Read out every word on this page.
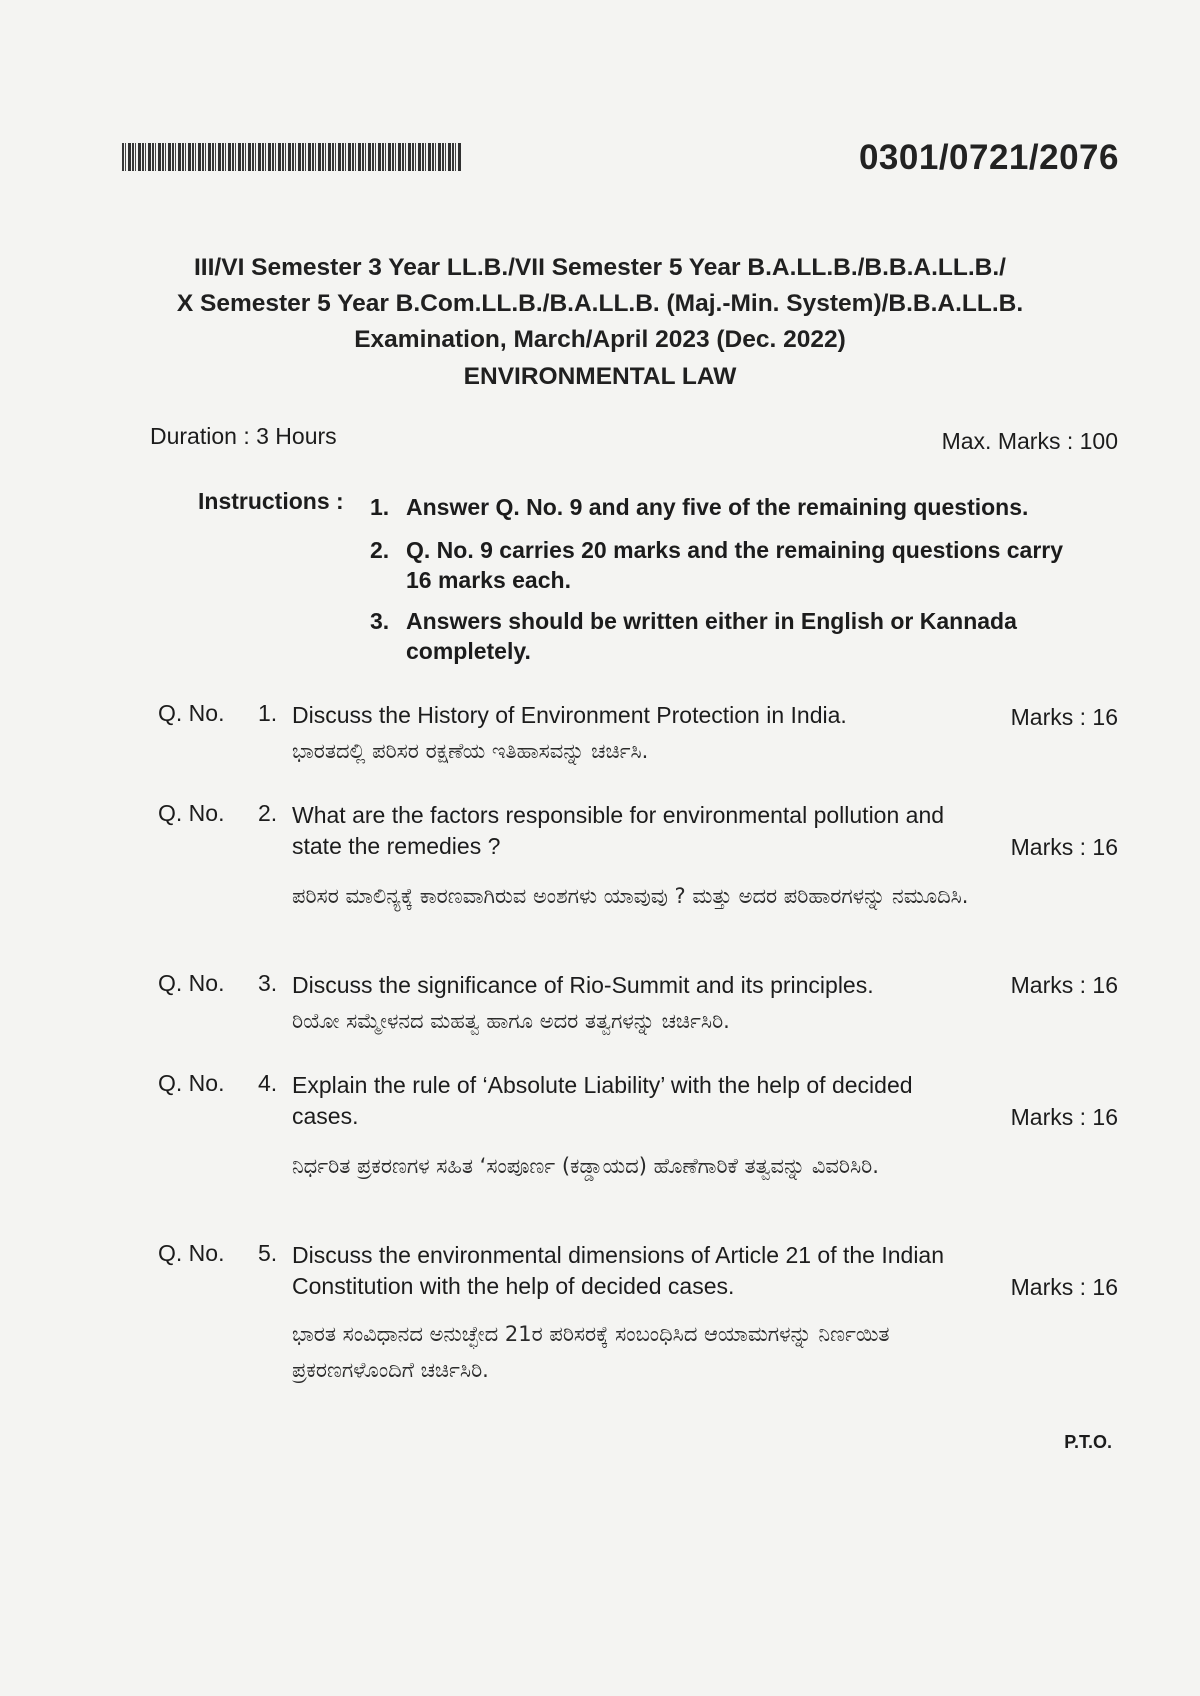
0301/0721/2076
III/VI Semester 3 Year LL.B./VII Semester 5 Year B.A.LL.B./B.B.A.LL.B./
X Semester 5 Year B.Com.LL.B./B.A.LL.B. (Maj.-Min. System)/B.B.A.LL.B.
Examination, March/April 2023 (Dec. 2022)
ENVIRONMENTAL LAW
Duration : 3 Hours	Max. Marks : 100
Instructions : 1. Answer Q. No. 9 and any five of the remaining questions.
2. Q. No. 9 carries 20 marks and the remaining questions carry 16 marks each.
3. Answers should be written either in English or Kannada completely.
Q. No. 1. Discuss the History of Environment Protection in India.
ಭಾರತದಲ್ಲಿ ಪರಿಸರ ರಕ್ಷಣೆಯ ಇತಿಹಾಸವನ್ನು ಚರ್ಚಿಸಿ.
Marks : 16
Q. No. 2. What are the factors responsible for environmental pollution and state the remedies ?
ಪರಿಸರ ಮಾಲಿನ್ಯಕ್ಕೆ ಕಾರಣವಾಗಿರುವ ಅಂಶಗಳು ಯಾವುವು ? ಮತ್ತು ಅದರ ಪರಿಹಾರಗಳನ್ನು ನಮೂದಿಸಿ.
Marks : 16
Q. No. 3. Discuss the significance of Rio-Summit and its principles.
ರಿಯೋ ಸಮ್ಮೇಳನದ ಮಹತ್ವ ಹಾಗೂ ಅದರ ತತ್ವಗಳನ್ನು ಚರ್ಚಿಸಿರಿ.
Marks : 16
Q. No. 4. Explain the rule of ‘Absolute Liability’ with the help of decided cases.
ನಿರ್ಧರಿತ ಪ್ರಕರಣಗಳ ಸಹಿತ ‘ಸಂಪೂರ್ಣ (ಕಡ್ಡಾಯದ) ಹೊಣೆಗಾರಿಕೆ ತತ್ವವನ್ನು ವಿವರಿಸಿರಿ.
Marks : 16
Q. No. 5. Discuss the environmental dimensions of Article 21 of the Indian Constitution with the help of decided cases.
ಭಾರತ ಸಂವಿಧಾನದ ಅನುಚ್ಛೇದ 21ರ ಪರಿಸರಕ್ಕೆ ಸಂಬಂಧಿಸಿದ ಆಯಾಮಗಳನ್ನು ನಿರ್ಣಯಿತ ಪ್ರಕರಣಗಳೊಂದಿಗೆ ಚರ್ಚಿಸಿರಿ.
Marks : 16
P.T.O.
